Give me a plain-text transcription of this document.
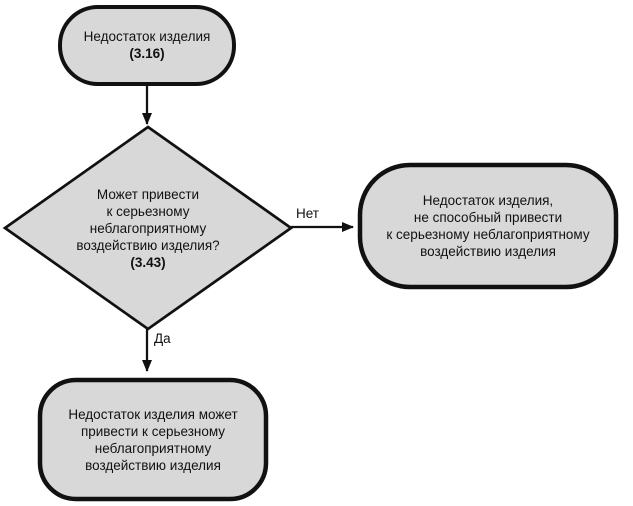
Недостаток изделия
(3.16)
Может привести
к серьезному
неблагоприятному
воздействию изделия?
(3.43)
Недостаток изделия,
не способный привести
к серьезному неблагоприятному
воздействию изделия
Недостаток изделия может
привести к серьезному
неблагоприятному
воздействию изделия
Нет
Да
